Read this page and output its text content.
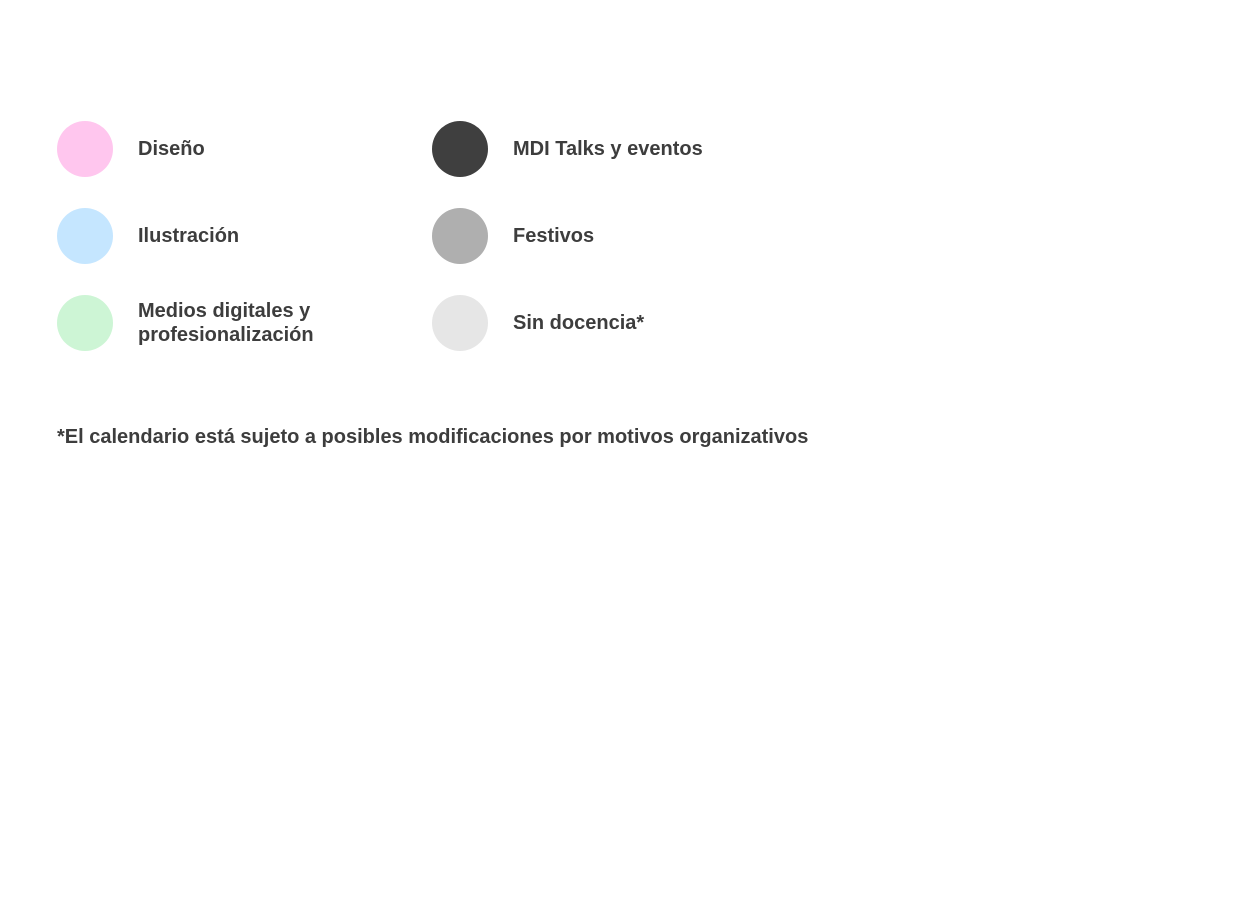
Diseño	MDI Talks y eventos
Ilustración	Festivos
Medios digitales y profesionalización
Sin docencia*
*El calendario está sujeto a posibles modificaciones por motivos organizativos
